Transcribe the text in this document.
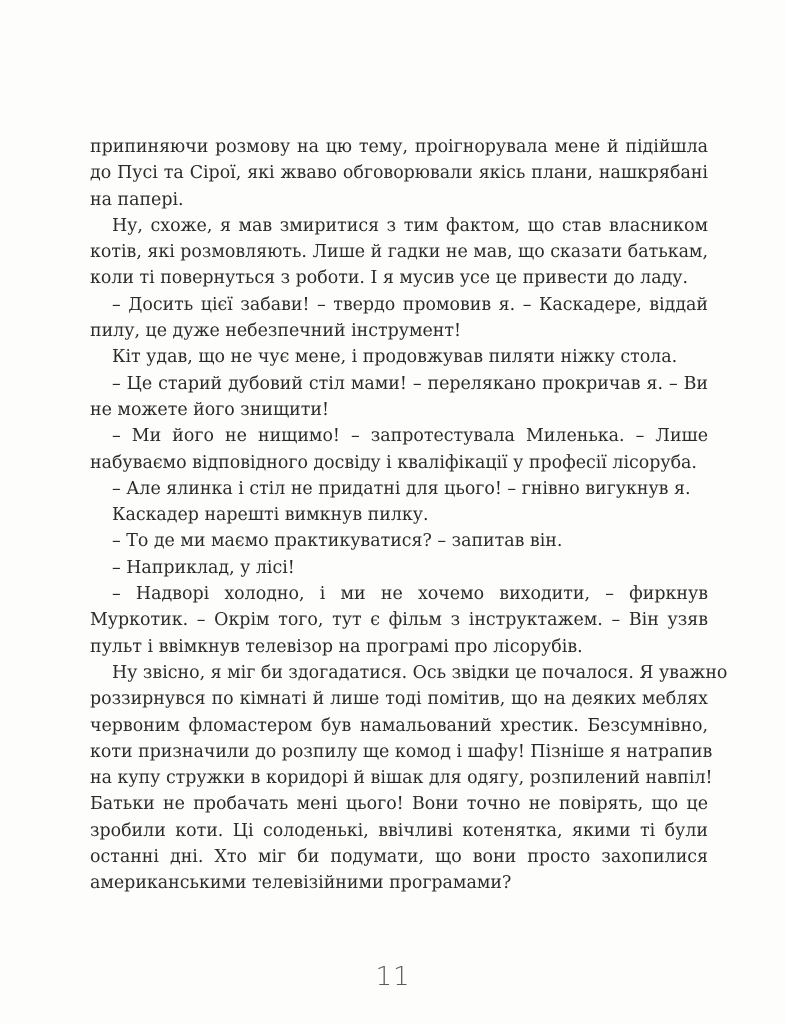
припиняючи розмову на цю тему, проігнорувала мене й підійшла
до Пусі та Сірої, які жваво обговорювали якісь плани, нашкрябані
на папері.
Ну, схоже, я мав змиритися з тим фактом, що став власником
котів, які розмовляють. Лише й гадки не мав, що сказати батькам,
коли ті повернуться з роботи. І я мусив усе це привести до ладу.
– Досить цієї забави! – твердо промовив я. – Каскадере, віддай
пилу, це дуже небезпечний інструмент!
Кіт удав, що не чує мене, і продовжував пиляти ніжку стола.
– Це старий дубовий стіл мами! – перелякано прокричав я. – Ви
не можете його знищити!
– Ми його не нищимо! – запротестувала Миленька. – Лише
набуваємо відповідного досвіду і кваліфікації у професії лісоруба.
– Але ялинка і стіл не придатні для цього! – гнівно вигукнув я.
Каскадер нарешті вимкнув пилку.
– То де ми маємо практикуватися? – запитав він.
– Наприклад, у лісі!
– Надворі холодно, і ми не хочемо виходити, – фиркнув
Муркотик. – Окрім того, тут є фільм з інструктажем. – Він узяв
пульт і ввімкнув телевізор на програмі про лісорубів.
Ну звісно, я міг би здогадатися. Ось звідки це почалося. Я уважно
роззирнувся по кімнаті й лише тоді помітив, що на деяких меблях
червоним фломастером був намальований хрестик. Безсумнівно,
коти призначили до розпилу ще комод і шафу! Пізніше я натрапив
на купу стружки в коридорі й вішак для одягу, розпилений навпіл!
Батьки не пробачать мені цього! Вони точно не повірять, що це
зробили коти. Ці солоденькі, ввічливі котенятка, якими ті були
останні дні. Хто міг би подумати, що вони просто захопилися
американськими телевізійними програмами?
11
